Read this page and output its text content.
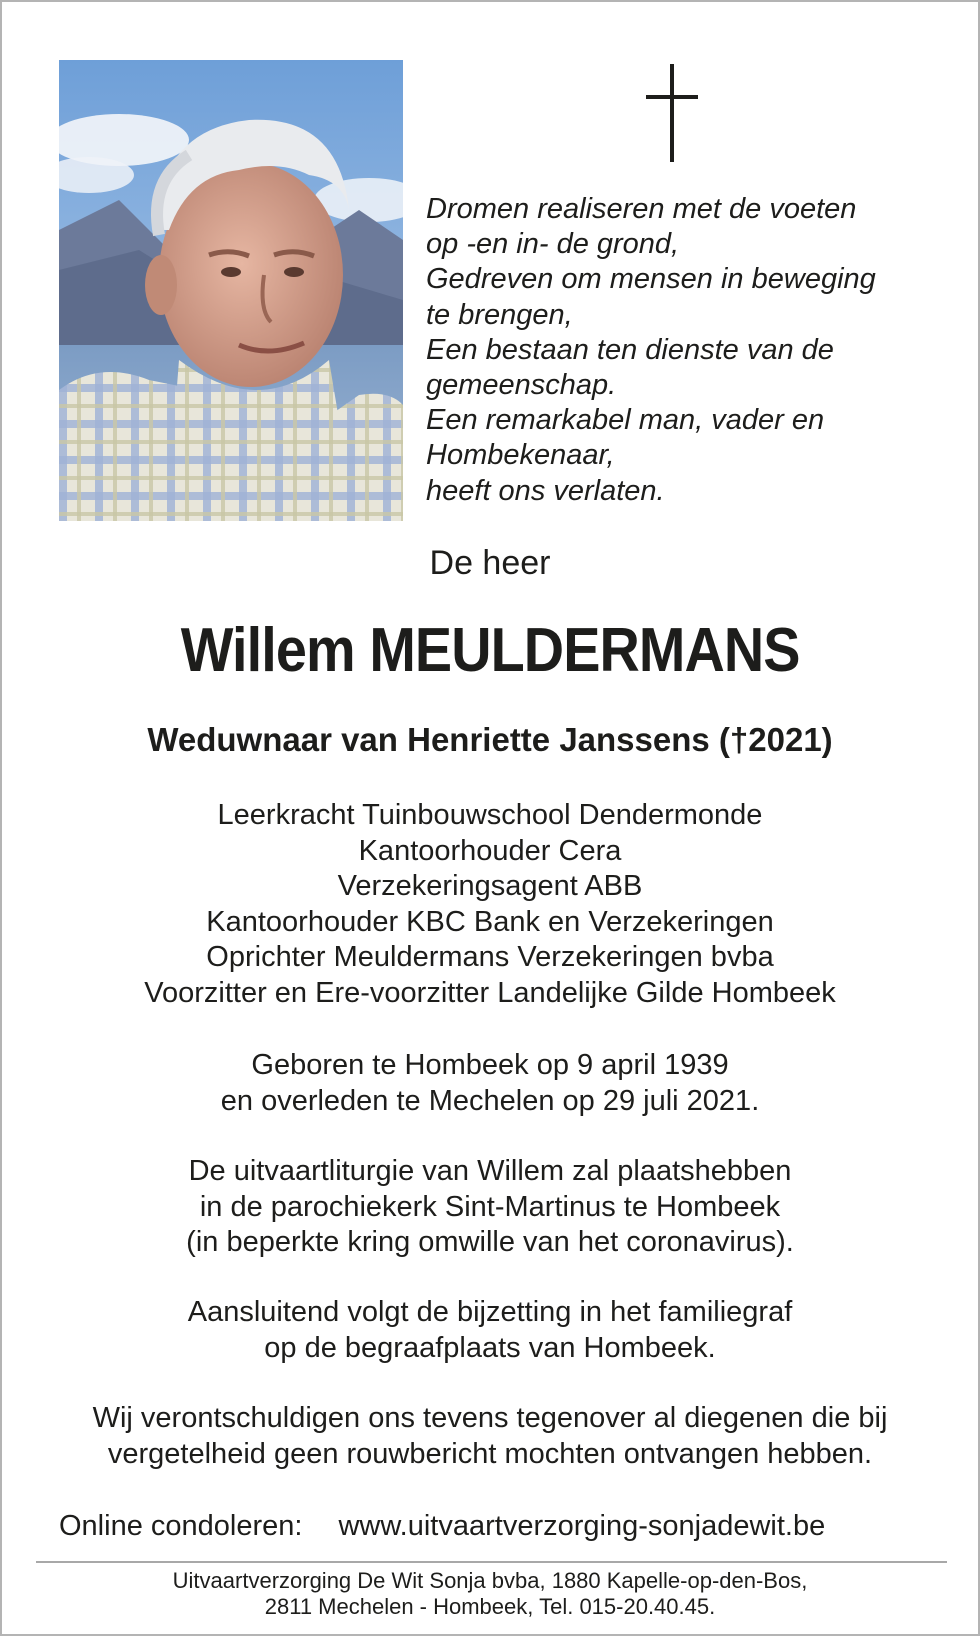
Dromen realiseren met de voeten
op -en in- de grond,
Gedreven om mensen in beweging
te brengen,
Een bestaan ten dienste van de
gemeenschap.
Een remarkabel man, vader en
Hombekenaar,
heeft ons verlaten.
De heer
Willem MEULDERMANS
Weduwnaar van Henriette Janssens (†2021)
Leerkracht Tuinbouwschool Dendermonde
Kantoorhouder Cera
Verzekeringsagent ABB
Kantoorhouder KBC Bank en Verzekeringen
Oprichter Meuldermans Verzekeringen bvba
Voorzitter en Ere-voorzitter Landelijke Gilde Hombeek
Geboren te Hombeek op 9 april 1939
en overleden te Mechelen op 29 juli 2021.
De uitvaartliturgie van Willem zal plaatshebben
in de parochiekerk Sint-Martinus te Hombeek
(in beperkte kring omwille van het coronavirus).
Aansluitend volgt de bijzetting in het familiegraf
op de begraafplaats van Hombeek.
Wij verontschuldigen ons tevens tegenover al diegenen die bij
vergetelheid geen rouwbericht mochten ontvangen hebben.
Online condoleren: www.uitvaartverzorging-sonjadewit.be
Uitvaartverzorging De Wit Sonja bvba, 1880 Kapelle-op-den-Bos,
2811 Mechelen - Hombeek, Tel. 015-20.40.45.
